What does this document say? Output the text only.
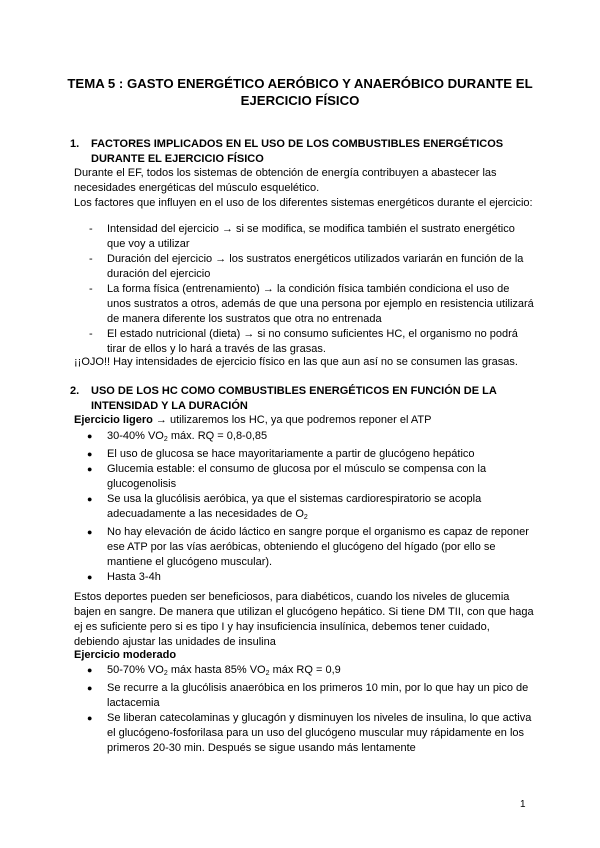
TEMA 5 : GASTO ENERGÉTICO AERÓBICO Y ANAERÓBICO DURANTE EL EJERCICIO FÍSICO
1. FACTORES IMPLICADOS EN EL USO DE LOS COMBUSTIBLES ENERGÉTICOS DURANTE EL EJERCICIO FÍSICO

Durante el EF, todos los sistemas de obtención de energía contribuyen a abastecer las necesidades energéticas del músculo esquelético.

Los factores que influyen en el uso de los diferentes sistemas energéticos durante el ejercicio:

- Intensidad del ejercicio → si se modifica, se modifica también el sustrato energético que voy a utilizar
- Duración del ejercicio → los sustratos energéticos utilizados variarán en función de la duración del ejercicio
- La forma física (entrenamiento) → la condición física también condiciona el uso de unos sustratos a otros, además de que una persona por ejemplo en resistencia utilizará de manera diferente los sustratos que otra no entrenada
- El estado nutricional (dieta) → si no consumo suficientes HC, el organismo no podrá tirar de ellos y lo hará a través de las grasas.
¡¡OJO!! Hay intensidades de ejercicio físico en las que aun así no se consumen las grasas.
2. USO DE LOS HC COMO COMBUSTIBLES ENERGÉTICOS EN FUNCIÓN DE LA INTENSIDAD Y LA DURACIÓN
Ejercicio ligero → utilizaremos los HC, ya que podremos reponer el ATP
● 30-40% $VO_2$ máx. RQ = 0,8-0,85
● El uso de glucosa se hace mayoritariamente a partir de glucógeno hepático
● Glucemia estable: el consumo de glucosa por el músculo se compensa con la glucogenolisis
● Se usa la glucólisis aeróbica, ya que el sistemas cardiorespiratorio se acopla adecuadamente a las necesidades de $O_2$
● No hay elevación de ácido láctico en sangre porque el organismo es capaz de reponer ese ATP por las vías aeróbicas, obteniendo el glucógeno del hígado (por ello se mantiene el glucógeno muscular).
● Hasta 3-4h
Estos deportes pueden ser beneficiosos, para diabéticos, cuando los niveles de glucemia bajen en sangre. De manera que utilizan el glucógeno hepático. Si tiene DM TII, con que haga ej es suficiente pero si es tipo I y hay insuficiencia insulínica, debemos tener cuidado, debiendo ajustar las unidades de insulina
Ejercicio moderado
● 50-70% $VO_2$ máx hasta 85% $VO_2$ máx RQ = 0,9
● Se recurre a la glucólisis anaeróbica en los primeros 10 min, por lo que hay un pico de lactacemia
● Se liberan catecolaminas y glucagón y disminuyen los niveles de insulina, lo que activa el glucógeno-fosforilasa para un uso del glucógeno muscular muy rápidamente en los primeros 20-30 min. Después se sigue usando más lentamente
1
